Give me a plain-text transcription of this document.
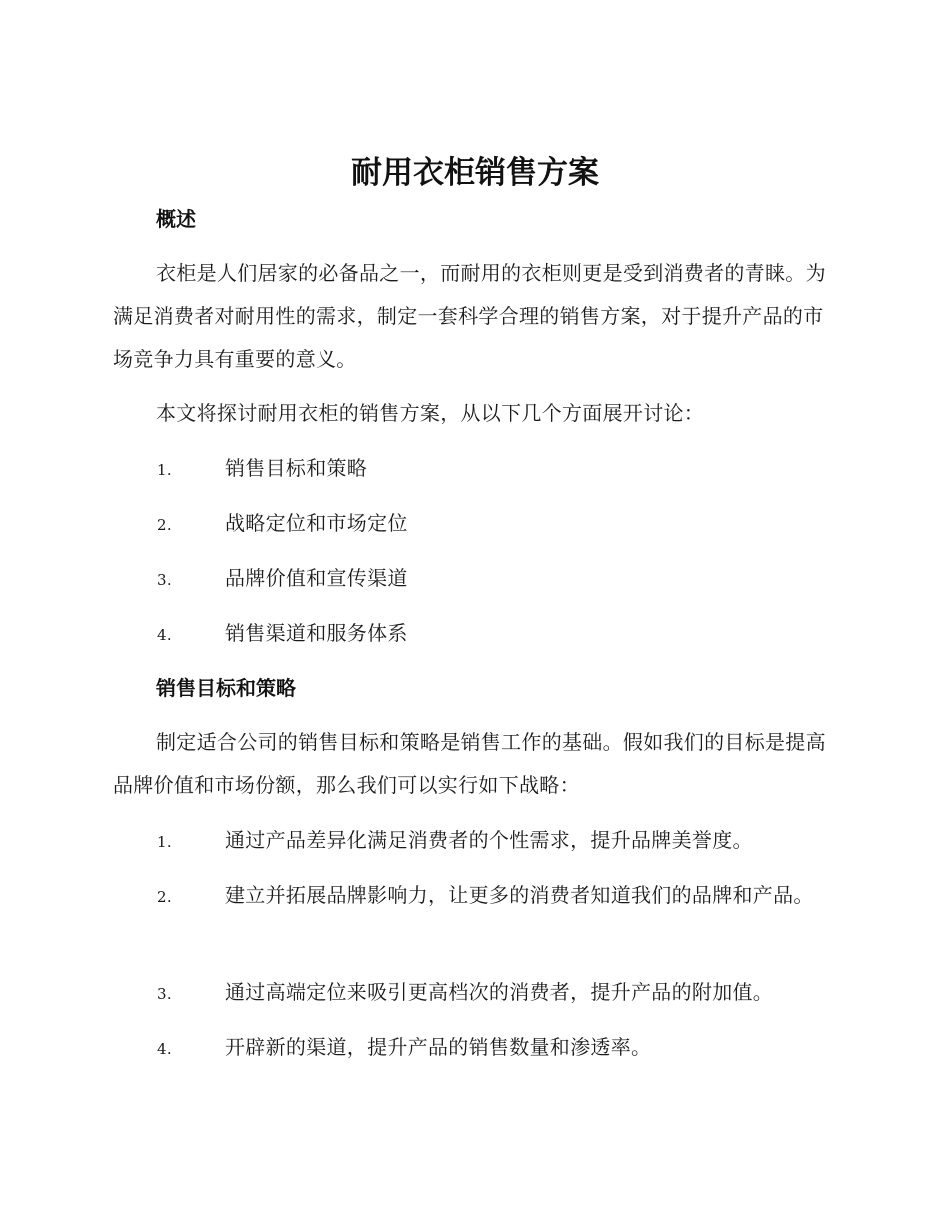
耐用衣柜销售方案
概述

衣柜是人们居家的必备品之一，而耐用的衣柜则更是受到消费者的青睐。为满足消费者对耐用性的需求，制定一套科学合理的销售方案，对于提升产品的市场竞争力具有重要的意义。

本文将探讨耐用衣柜的销售方案，从以下几个方面展开讨论：

1.	销售目标和策略
2.	战略定位和市场定位
3.	品牌价值和宣传渠道
4.	销售渠道和服务体系
销售目标和策略

制定适合公司的销售目标和策略是销售工作的基础。假如我们的目标是提高品牌价值和市场份额，那么我们可以实行如下战略：

1.	通过产品差异化满足消费者的个性需求，提升品牌美誉度。
2.	建立并拓展品牌影响力，让更多的消费者知道我们的品牌和产品。
3.	通过高端定位来吸引更高档次的消费者，提升产品的附加值。
4.	开辟新的渠道，提升产品的销售数量和渗透率。
